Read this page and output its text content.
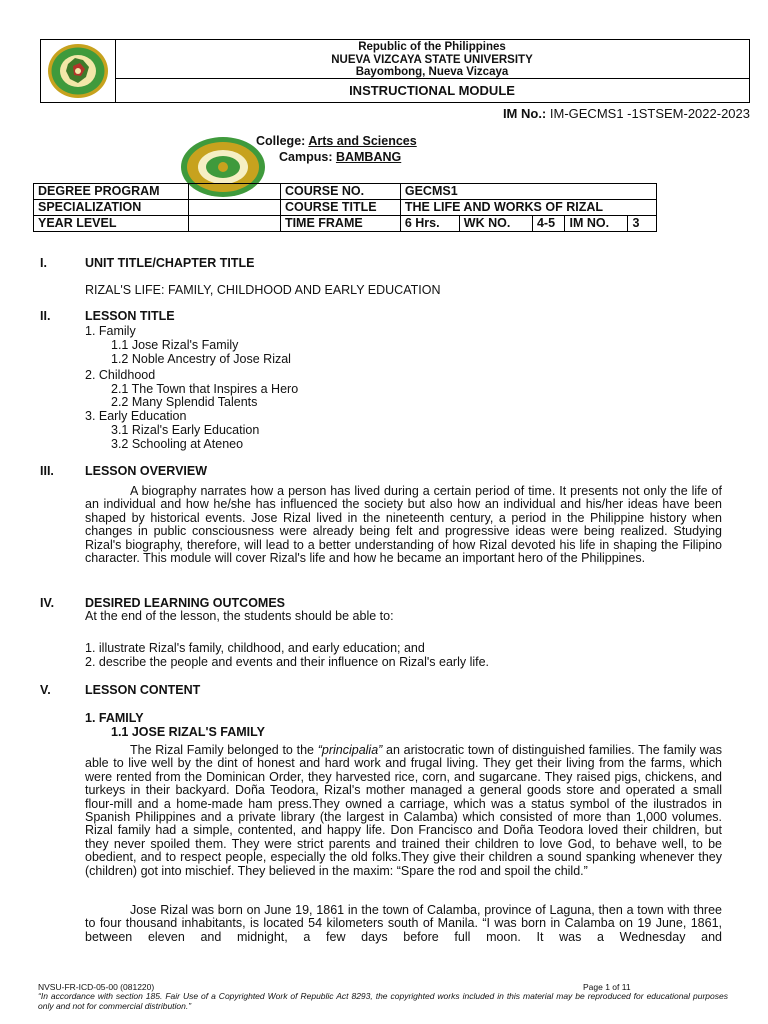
Republic of the Philippines
NUEVA VIZCAYA STATE UNIVERSITY
Bayombong, Nueva Vizcaya
INSTRUCTIONAL MODULE
IM No.: IM-GECMS1 -1STSEM-2022-2023
College: Arts and Sciences
Campus: BAMBANG
DEGREE PROGRAM		COURSE NO.	GECMS1				
SPECIALIZATION		COURSE TITLE	THE LIFE AND WORKS OF RIZAL				
YEAR LEVEL		TIME FRAME	6 Hrs.	WK NO.	4-5	IM NO.	3
I.	UNIT TITLE/CHAPTER TITLE
RIZAL'S LIFE: FAMILY, CHILDHOOD AND EARLY EDUCATION
II.	LESSON TITLE
1. Family
1.1 Jose Rizal's Family
1.2 Noble Ancestry of Jose Rizal
2. Childhood
2.1 The Town that Inspires a Hero
2.2 Many Splendid Talents
3. Early Education
3.1 Rizal's Early Education
3.2 Schooling at Ateneo
III. LESSON OVERVIEW
A biography narrates how a person has lived during a certain period of time. It presents not only the life of an individual and how he/she has influenced the society but also how an individual and his/her ideas have been shaped by historical events. Jose Rizal lived in the nineteenth century, a period in the Philippine history when changes in public consciousness were already being felt and progressive ideas were being realized. Studying Rizal's biography, therefore, will lead to a better understanding of how Rizal devoted his life in shaping the Filipino character. This module will cover Rizal's life and how he became an important hero of the Philippines.
IV. DESIRED LEARNING OUTCOMES
At the end of the lesson, the students should be able to:
1. illustrate Rizal's family, childhood, and early education; and
2. describe the people and events and their influence on Rizal's early life.
V.	LESSON CONTENT
1. FAMILY
1.1 JOSE RIZAL'S FAMILY
The Rizal Family belonged to the “principalia” an aristocratic town of distinguished families. The family was able to live well by the dint of honest and hard work and frugal living. They get their living from the farms, which were rented from the Dominican Order, they harvested rice, corn, and sugarcane. They raised pigs, chickens, and turkeys in their backyard. Doña Teodora, Rizal's mother managed a general goods store and operated a small flour-mill and a home-made ham press.They owned a carriage, which was a status symbol of the ilustrados in Spanish Philippines and a private library (the largest in Calamba) which consisted of more than 1,000 volumes. Rizal family had a simple, contented, and happy life. Don Francisco and Doña Teodora loved their children, but they never spoiled them. They were strict parents and trained their children to love God, to behave well, to be obedient, and to respect people, especially the old folks.They give their children a sound spanking whenever they (children) got into mischief. They believed in the maxim: “Spare the rod and spoil the child.”
Jose Rizal was born on June 19, 1861 in the town of Calamba, province of Laguna, then a town with three to four thousand inhabitants, is located 54 kilometers south of Manila. “I was born in Calamba on 19 June, 1861, between eleven and midnight, a few days before full moon. It was a Wednesday and
NVSU-FR-ICD-05-00 (081220)	Page 1 of 11
“In accordance with section 185. Fair Use of a Copyrighted Work of Republic Act 8293, the copyrighted works included in this material may be reproduced for educational purposes only and not for commercial distribution.”
